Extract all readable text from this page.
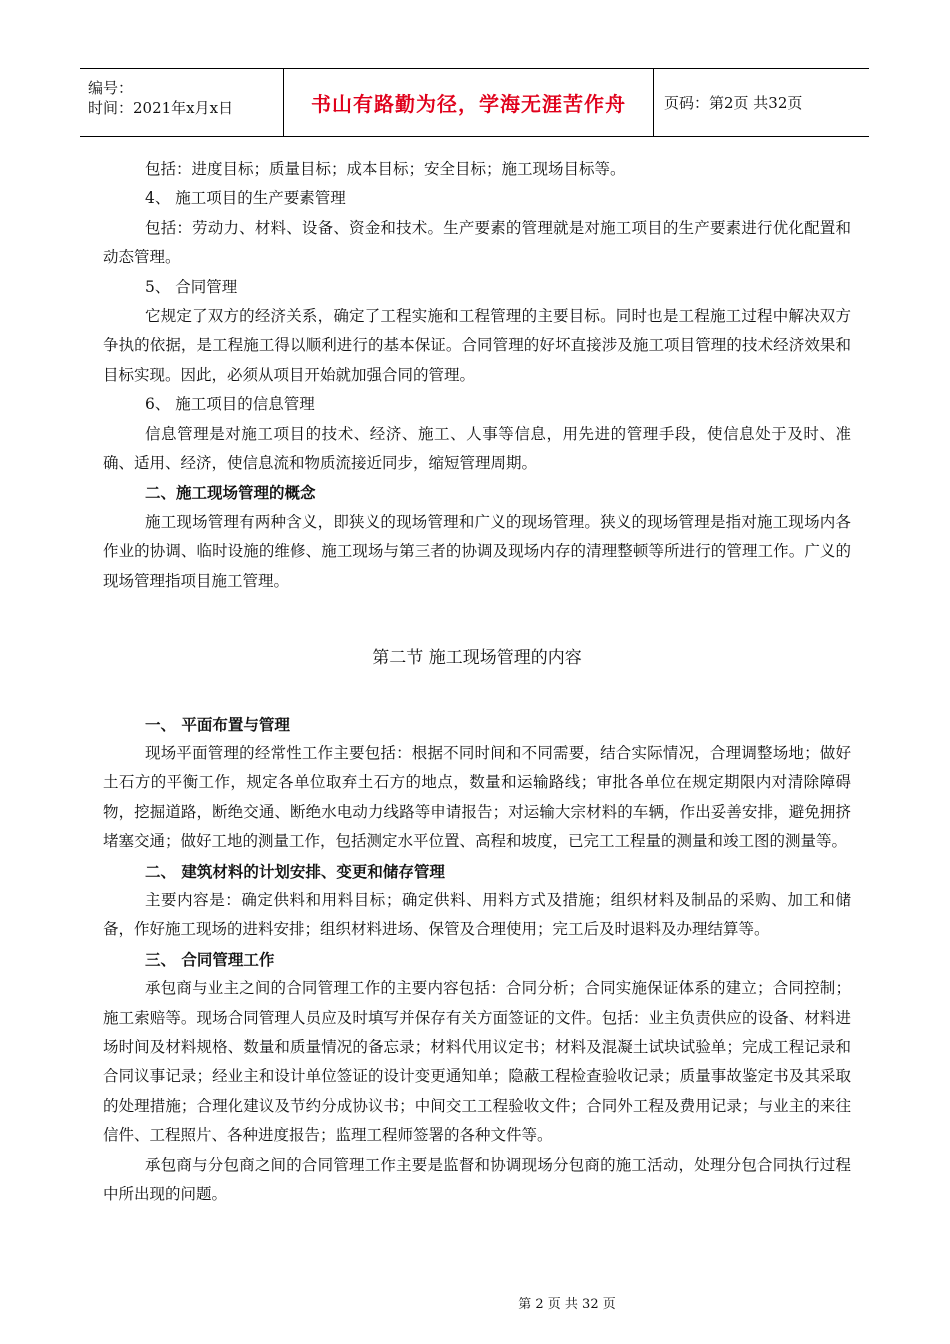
编号：
时间：2021年x月x日	书山有路勤为径，学海无涯苦作舟	页码：第2页 共32页

包括：进度目标；质量目标；成本目标；安全目标；施工现场目标等。

4、 施工项目的生产要素管理

包括：劳动力、材料、设备、资金和技术。生产要素的管理就是对施工项目的生产要素进行优化配置和动态管理。

5、 合同管理

它规定了双方的经济关系，确定了工程实施和工程管理的主要目标。同时也是工程施工过程中解决双方争执的依据，是工程施工得以顺利进行的基本保证。合同管理的好坏直接涉及施工项目管理的技术经济效果和目标实现。因此，必须从项目开始就加强合同的管理。

6、 施工项目的信息管理

信息管理是对施工项目的技术、经济、施工、人事等信息，用先进的管理手段，使信息处于及时、准确、适用、经济，使信息流和物质流接近同步，缩短管理周期。

二、施工现场管理的概念

施工现场管理有两种含义，即狭义的现场管理和广义的现场管理。狭义的现场管理是指对施工现场内各作业的协调、临时设施的维修、施工现场与第三者的协调及现场内存的清理整顿等所进行的管理工作。广义的现场管理指项目施工管理。

第二节 施工现场管理的内容

一、 平面布置与管理

现场平面管理的经常性工作主要包括：根据不同时间和不同需要，结合实际情况，合理调整场地；做好土石方的平衡工作，规定各单位取弃土石方的地点，数量和运输路线；审批各单位在规定期限内对清除障碍物，挖掘道路，断绝交通、断绝水电动力线路等申请报告；对运输大宗材料的车辆，作出妥善安排，避免拥挤堵塞交通；做好工地的测量工作，包括测定水平位置、高程和坡度，已完工工程量的测量和竣工图的测量等。

二、 建筑材料的计划安排、变更和储存管理

主要内容是：确定供料和用料目标；确定供料、用料方式及措施；组织材料及制品的采购、加工和储备，作好施工现场的进料安排；组织材料进场、保管及合理使用；完工后及时退料及办理结算等。

三、 合同管理工作

承包商与业主之间的合同管理工作的主要内容包括：合同分析；合同实施保证体系的建立；合同控制；施工索赔等。现场合同管理人员应及时填写并保存有关方面签证的文件。包括：业主负责供应的设备、材料进场时间及材料规格、数量和质量情况的备忘录；材料代用议定书；材料及混凝土试块试验单；完成工程记录和合同议事记录；经业主和设计单位签证的设计变更通知单；隐蔽工程检查验收记录；质量事故鉴定书及其采取的处理措施；合理化建议及节约分成协议书；中间交工工程验收文件；合同外工程及费用记录；与业主的来往信件、工程照片、各种进度报告；监理工程师签署的各种文件等。

承包商与分包商之间的合同管理工作主要是监督和协调现场分包商的施工活动，处理分包合同执行过程中所出现的问题。

第 2 页 共 32 页
